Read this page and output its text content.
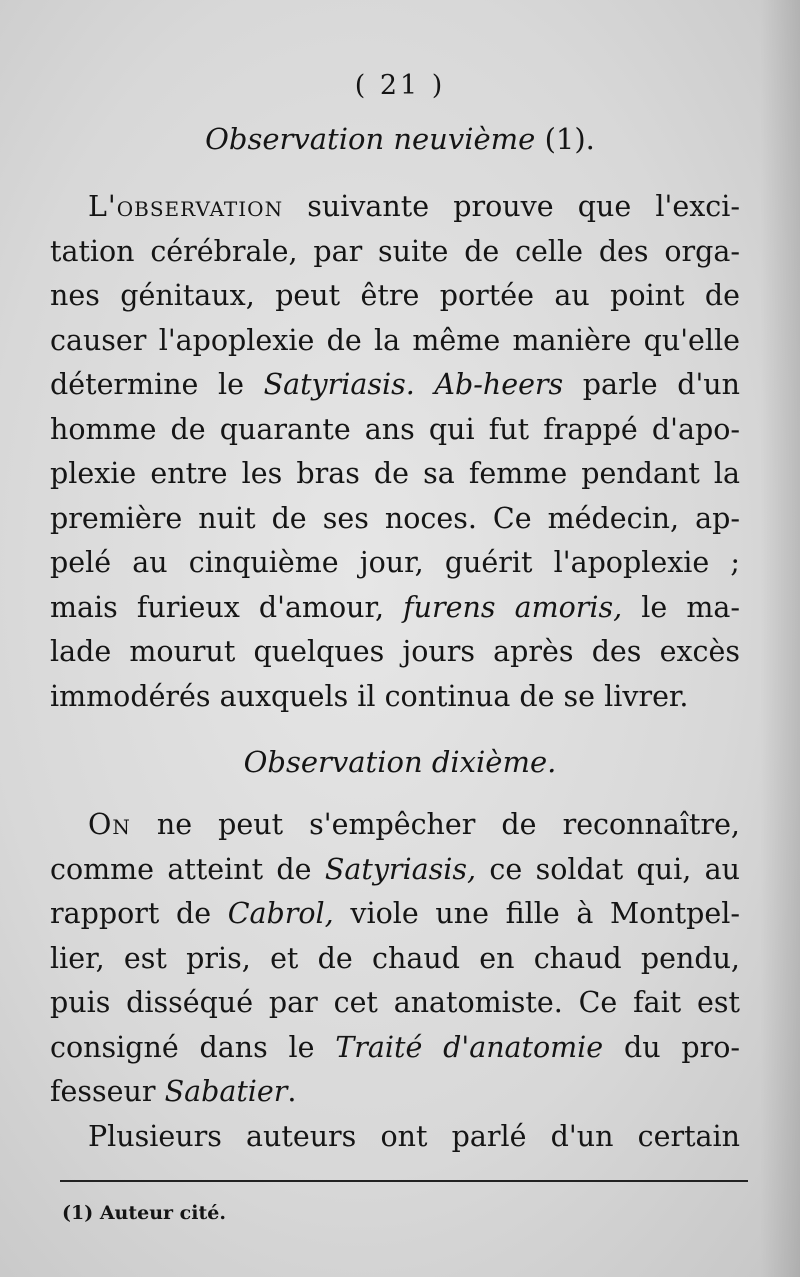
( 21 )
Observation neuvième (1).
L'observation suivante prouve que l'exci-
tation cérébrale, par suite de celle des orga-
nes génitaux, peut être portée au point de
causer l'apoplexie de la même manière qu'elle
détermine le Satyriasis. Ab-heers parle d'un
homme de quarante ans qui fut frappé d'apo-
plexie entre les bras de sa femme pendant la
première nuit de ses noces. Ce médecin, ap-
pelé au cinquième jour, guérit l'apoplexie ;
mais furieux d'amour, furens amoris, le ma-
lade mourut quelques jours après des excès
immodérés auxquels il continua de se livrer.
Observation dixième.
On ne peut s'empêcher de reconnaître,
comme atteint de Satyriasis, ce soldat qui, au
rapport de Cabrol, viole une fille à Montpel-
lier, est pris, et de chaud en chaud pendu,
puis disséqué par cet anatomiste. Ce fait est
consigné dans le Traité d'anatomie du pro-
fesseur Sabatier.
Plusieurs auteurs ont parlé d'un certain
(1) Auteur cité.
